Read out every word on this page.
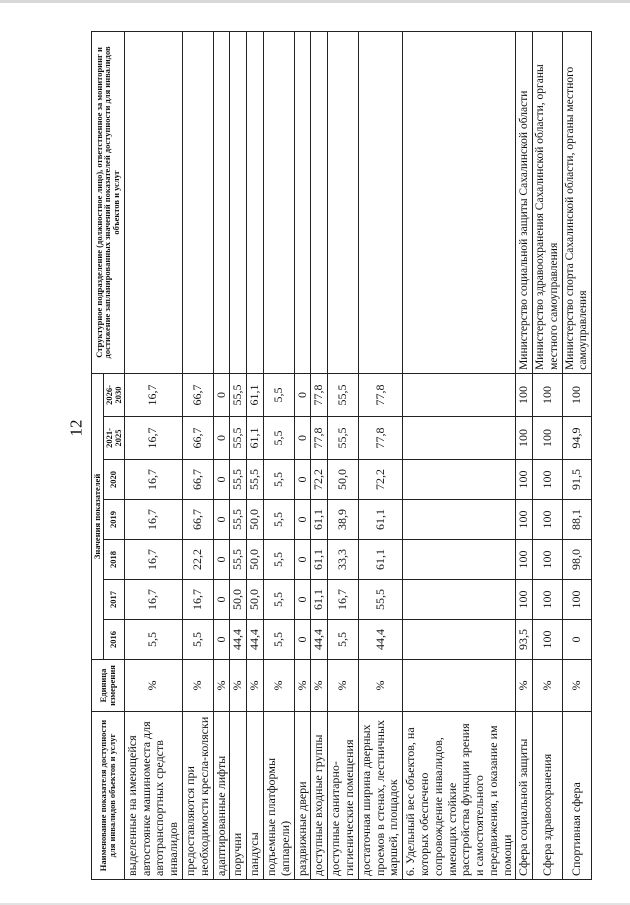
12
Наименование показателя доступности для инвалидов объектов и услуг	Единица измерения	Значения показателей							Структурное подразделение (должностное лицо), ответственное за мониторинг и достижение запланированных значений показателей доступности для инвалидов объектов и услуг
		2016	2017	2018	2019	2020	2021-2025	2026-2030	
выделенные на имеющейся автостоянке машиноместа для автотранспортных средств инвалидов	%	5,5	16,7	16,7	16,7	16,7	16,7	16,7	
предоставляются при необходимости кресла-коляски	%	5,5	16,7	22,2	66,7	66,7	66,7	66,7	
адаптированные лифты	%	0	0	0	0	0	0	0	
поручни	%	44,4	50,0	55,5	55,5	55,5	55,5	55,5	
пандусы	%	44,4	50,0	50,0	50,0	55,5	61,1	61,1	
подъемные платформы (аппарели)	%	5,5	5,5	5,5	5,5	5,5	5,5	5,5	
раздвижные двери	%	0	0	0	0	0	0	0	
доступные входные группы	%	44,4	61,1	61,1	61,1	72,2	77,8	77,8	
доступные санитарно-гигиенические помещения	%	5,5	16,7	33,3	38,9	50,0	55,5	55,5	
достаточная ширина дверных проемов в стенах, лестничных маршей, площадок	%	44,4	55,5	61,1	61,1	72,2	77,8	77,8	
6. Удельный вес объектов, на которых обеспечено сопровождение инвалидов, имеющих стойкие расстройства функции зрения и самостоятельного передвижения, и оказание им помощи									
Сфера социальной защиты	%	93,5	100	100	100	100	100	100	Министерство социальной защиты Сахалинской области
Сфера здравоохранения	%	100	100	100	100	100	100	100	Министерство здравоохранения Сахалинской области, органы местного самоуправления
Спортивная сфера	%	0	100	98,0	88,1	91,5	94,9	100	Министерство спорта Сахалинской области, органы местного самоуправления
